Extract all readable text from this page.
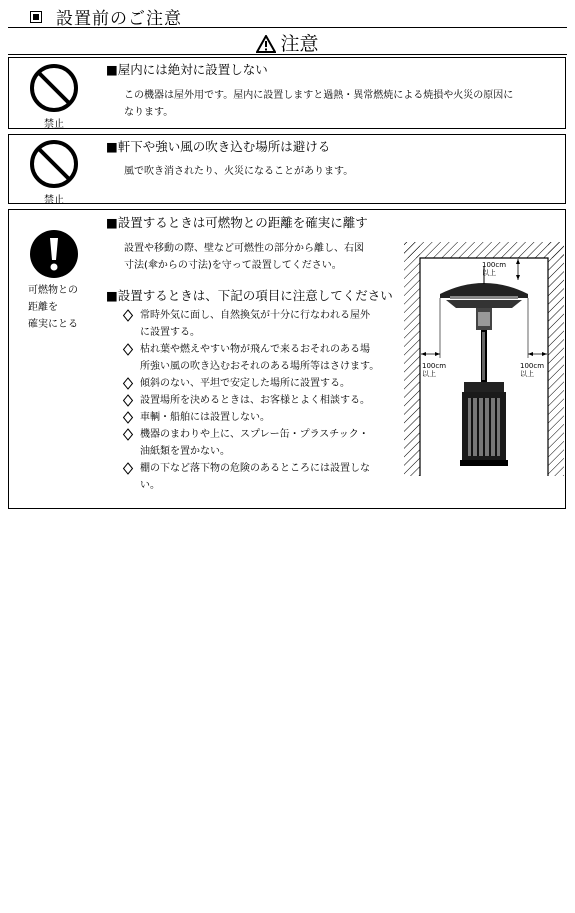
設置前のご注意
注意
禁止
■屋内には絶対に設置しない
この機器は屋外用です。屋内に設置しますと過熱・異常燃焼による焼損や火災の原因に
なります。
禁止
■軒下や強い風の吹き込む場所は避ける
風で吹き消されたり、火災になることがあります。
可燃物との
距離を
確実にとる
■設置するときは可燃物との距離を確実に離す
設置や移動の際、壁など可燃性の部分から離し、右図
寸法(傘からの寸法)を守って設置してください。
■設置するときは、下記の項目に注意してください
常時外気に面し、自然換気が十分に行なわれる屋外
に設置する。
枯れ葉や燃えやすい物が飛んで来るおそれのある場
所強い風の吹き込むおそれのある場所等はさけます。
傾斜のない、平坦で安定した場所に設置する。
設置場所を決めるときは、お客様とよく相談する。
車輌・船舶には設置しない。
機器のまわりや上に、スプレー缶・プラスチック・
油紙類を置かない。
棚の下など落下物の危険のあるところには設置しな
い。
100cm
以上
100cm
以上
100cm
以上
